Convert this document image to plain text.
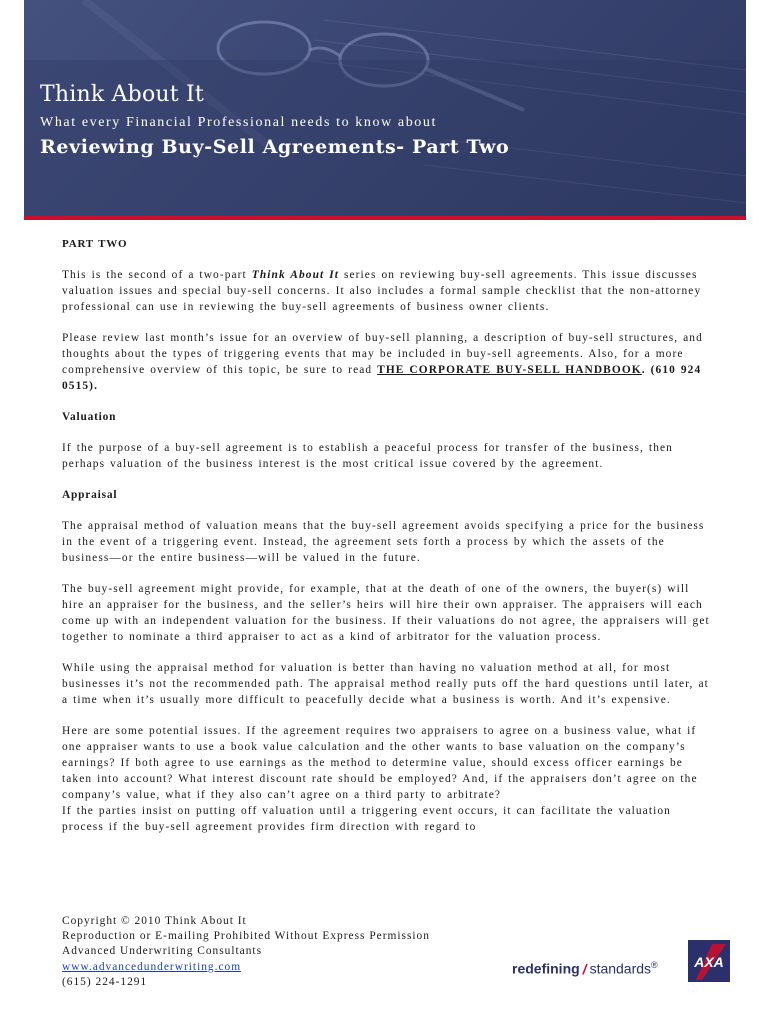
Think About It

What every Financial Professional needs to know about

Reviewing Buy-Sell Agreements- Part Two

PART TWO

This is the second of a two-part Think About It series on reviewing buy-sell agreements. This issue discusses valuation issues and special buy-sell concerns. It also includes a formal sample checklist that the non-attorney professional can use in reviewing the buy-sell agreements of business owner clients.

Please review last month’s issue for an overview of buy-sell planning, a description of buy-sell structures, and thoughts about the types of triggering events that may be included in buy-sell agreements. Also, for a more comprehensive overview of this topic, be sure to read THE CORPORATE BUY-SELL HANDBOOK. (610 924 0515).

Valuation

If the purpose of a buy-sell agreement is to establish a peaceful process for transfer of the business, then perhaps valuation of the business interest is the most critical issue covered by the agreement.

Appraisal

The appraisal method of valuation means that the buy-sell agreement avoids specifying a price for the business in the event of a triggering event. Instead, the agreement sets forth a process by which the assets of the business—or the entire business—will be valued in the future.

The buy-sell agreement might provide, for example, that at the death of one of the owners, the buyer(s) will hire an appraiser for the business, and the seller’s heirs will hire their own appraiser. The appraisers will each come up with an independent valuation for the business. If their valuations do not agree, the appraisers will get together to nominate a third appraiser to act as a kind of arbitrator for the valuation process.

While using the appraisal method for valuation is better than having no valuation method at all, for most businesses it’s not the recommended path. The appraisal method really puts off the hard questions until later, at a time when it’s usually more difficult to peacefully decide what a business is worth. And it’s expensive.

Here are some potential issues. If the agreement requires two appraisers to agree on a business value, what if one appraiser wants to use a book value calculation and the other wants to base valuation on the company’s earnings? If both agree to use earnings as the method to determine value, should excess officer earnings be taken into account? What interest discount rate should be employed? And, if the appraisers don’t agree on the company’s value, what if they also can’t agree on a third party to arbitrate?

If the parties insist on putting off valuation until a triggering event occurs, it can facilitate the valuation process if the buy-sell agreement provides firm direction with regard to

Copyright © 2010 Think About It
Reproduction or E-mailing Prohibited Without Express Permission
Advanced Underwriting Consultants
www.advancedunderwriting.com
(615) 224-1291
redefining / standards®	AXA
